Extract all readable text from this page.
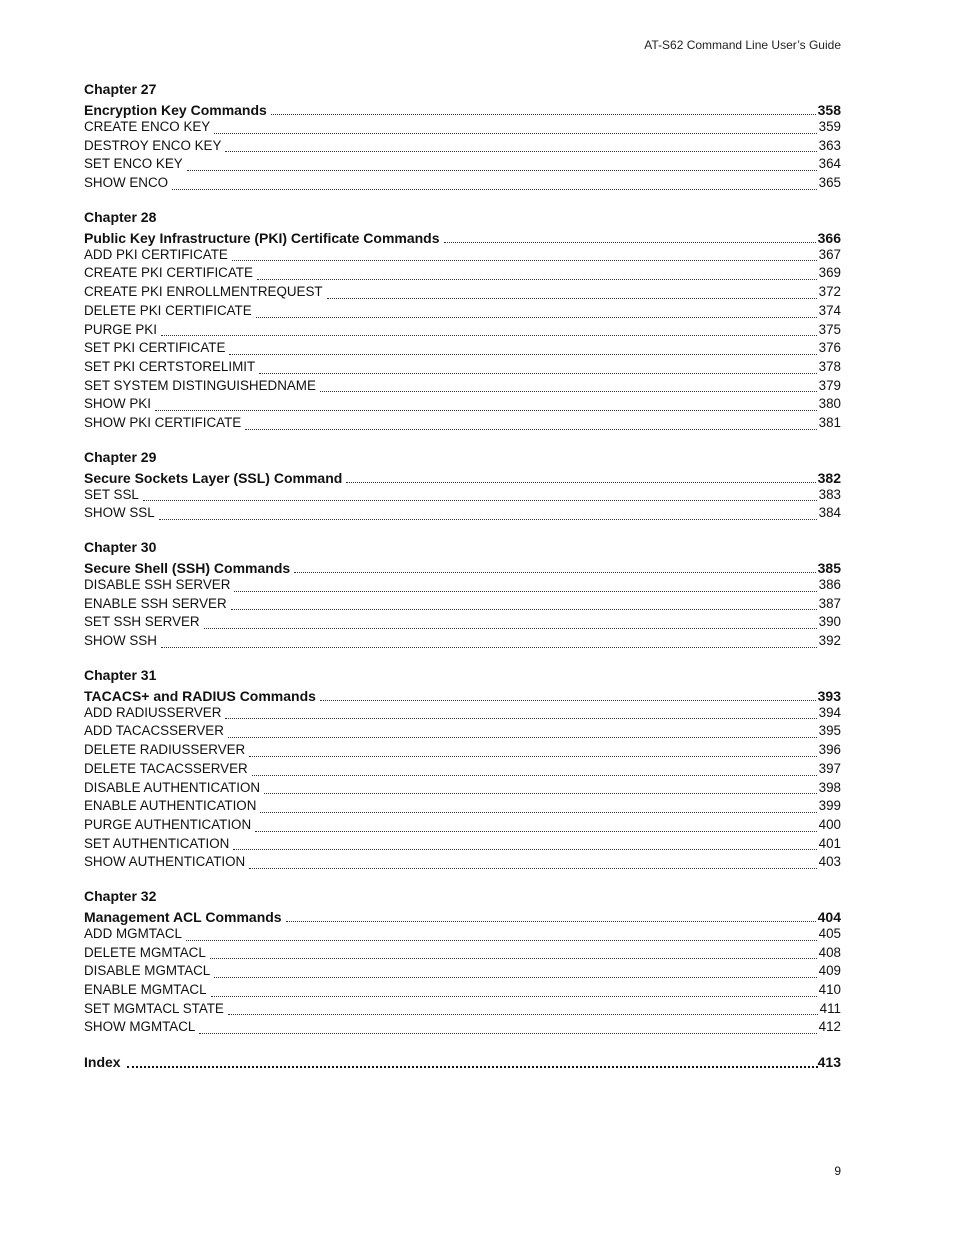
AT-S62 Command Line User’s Guide
Chapter 27
Encryption Key Commands	358
CREATE ENCO KEY	359
DESTROY ENCO KEY	363
SET ENCO KEY	364
SHOW ENCO	365
Chapter 28
Public Key Infrastructure (PKI) Certificate Commands	366
ADD PKI CERTIFICATE	367
CREATE PKI CERTIFICATE	369
CREATE PKI ENROLLMENTREQUEST	372
DELETE PKI CERTIFICATE	374
PURGE PKI	375
SET PKI CERTIFICATE	376
SET PKI CERTSTORELIMIT	378
SET SYSTEM DISTINGUISHEDNAME	379
SHOW PKI	380
SHOW PKI CERTIFICATE	381
Chapter 29
Secure Sockets Layer (SSL) Command	382
SET SSL	383
SHOW SSL	384
Chapter 30
Secure Shell (SSH) Commands	385
DISABLE SSH SERVER	386
ENABLE SSH SERVER	387
SET SSH SERVER	390
SHOW SSH	392
Chapter 31
TACACS+ and RADIUS Commands	393
ADD RADIUSSERVER	394
ADD TACACSSERVER	395
DELETE RADIUSSERVER	396
DELETE TACACSSERVER	397
DISABLE AUTHENTICATION	398
ENABLE AUTHENTICATION	399
PURGE AUTHENTICATION	400
SET AUTHENTICATION	401
SHOW AUTHENTICATION	403
Chapter 32
Management ACL Commands	404
ADD MGMTACL	405
DELETE MGMTACL	408
DISABLE MGMTACL	409
ENABLE MGMTACL	410
SET MGMTACL STATE	411
SHOW MGMTACL	412
Index	413
9
